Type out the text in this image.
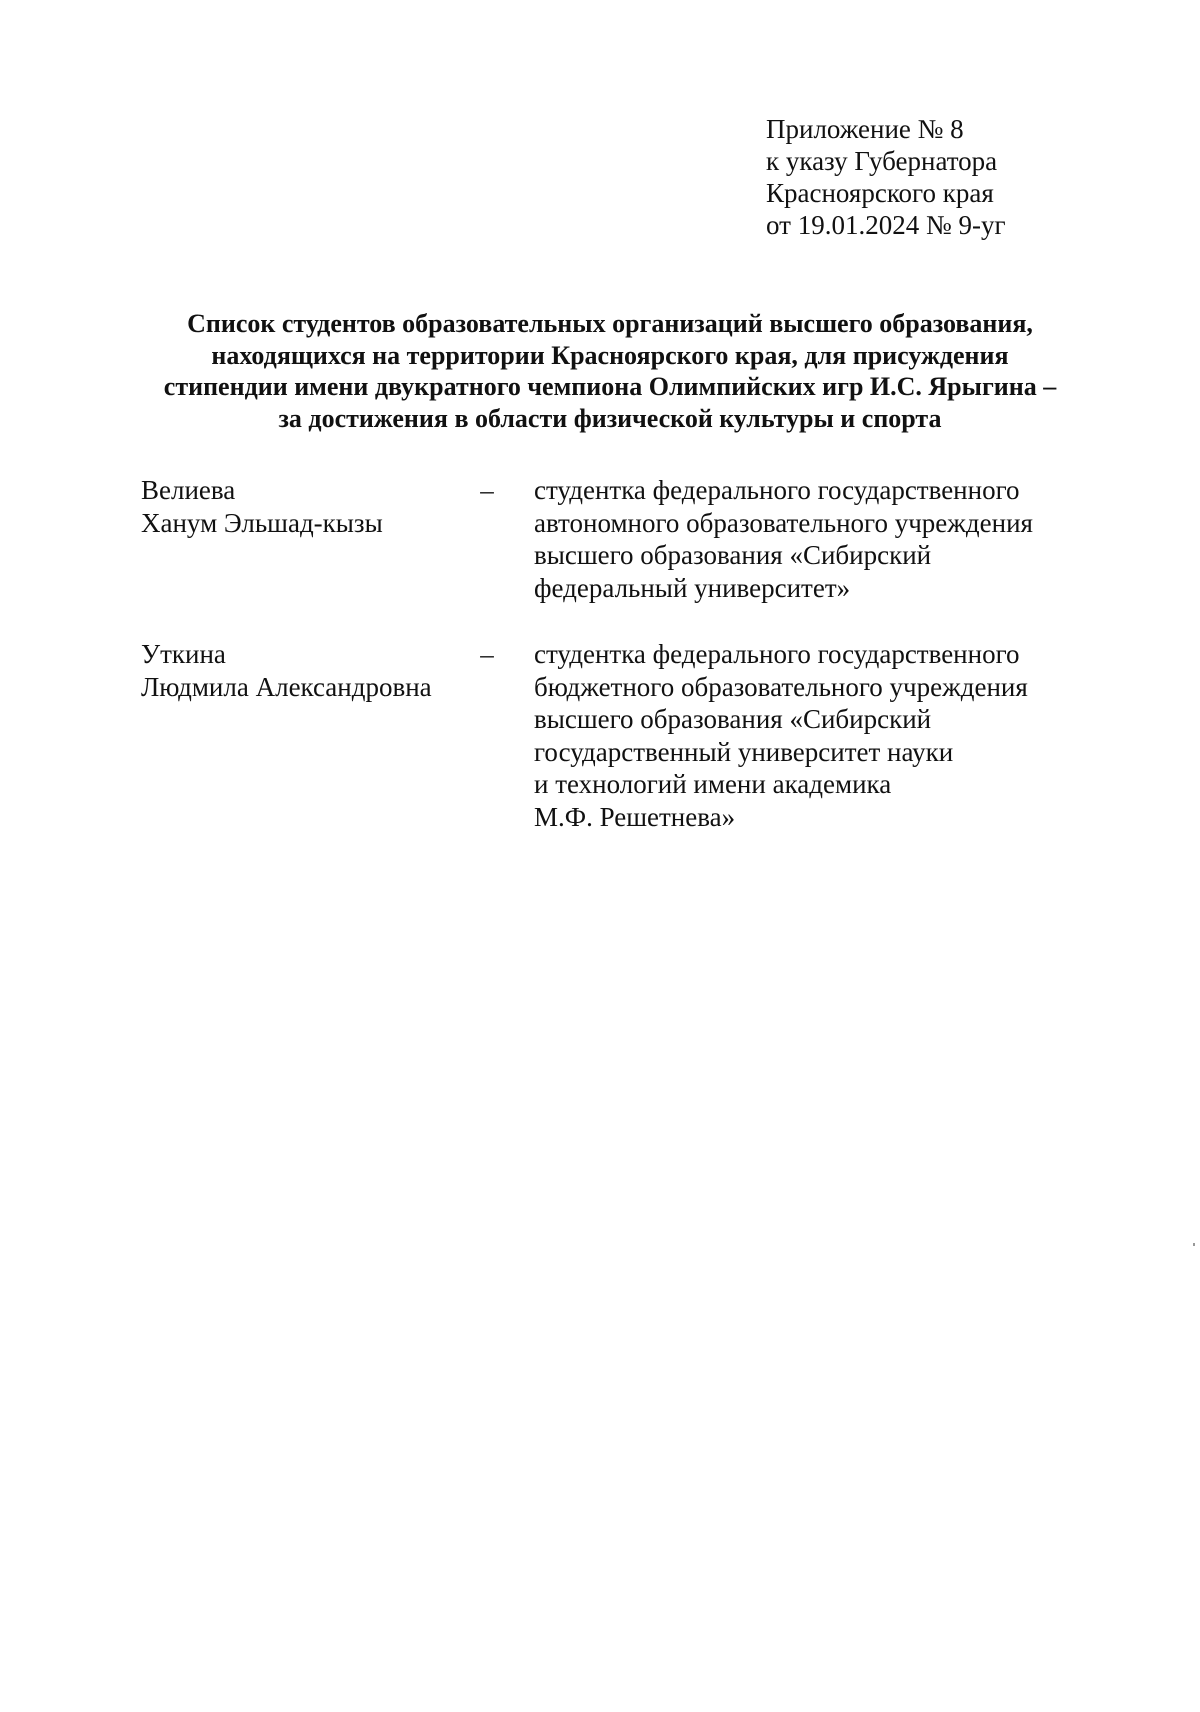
Приложение № 8
к указу Губернатора
Красноярского края
от 19.01.2024 № 9-уг
Список студентов образовательных организаций высшего образования,
находящихся на территории Красноярского края, для присуждения
стипендии имени двукратного чемпиона Олимпийских игр И.С. Ярыгина –
за достижения в области физической культуры и спорта
Велиева
Ханум Эльшад-кызы
– студентка федерального государственного
автономного образовательного учреждения
высшего образования «Сибирский
федеральный университет»
Уткина
Людмила Александровна
– студентка федерального государственного
бюджетного образовательного учреждения
высшего образования «Сибирский
государственный университет науки
и технологий имени академика
М.Ф. Решетнева»
